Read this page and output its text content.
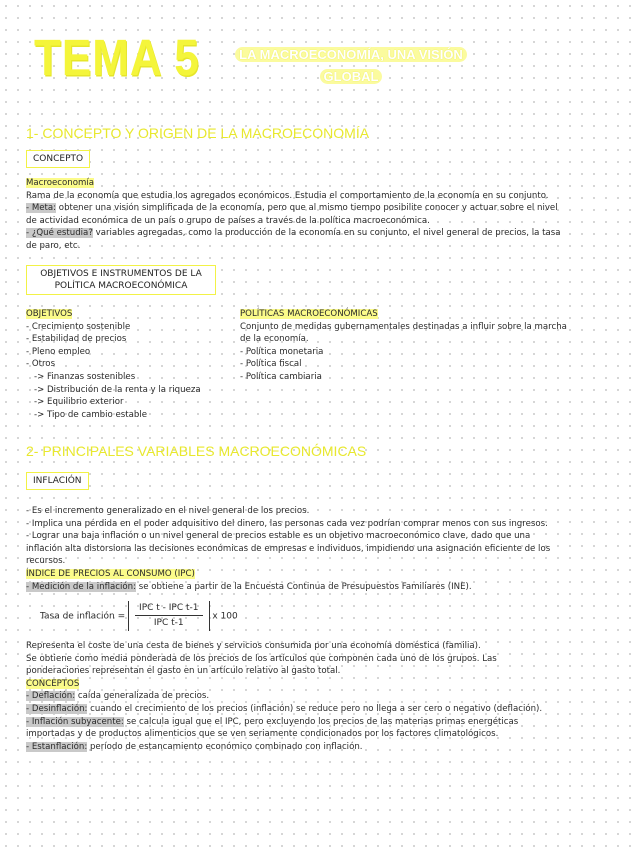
TEMA 5	LA MACROECONOMÍA, UNA VISIÓN
GLOBAL
1- CONCEPTO Y ORIGEN DE LA MACROECONOMÍA
CONCEPTO
Macroeconomía
Rama de la economía que estudia los agregados económicos. Estudia el comportamiento de la economía en su conjunto.
- Meta: obtener una visión simplificada de la economía, pero que al mismo tiempo posibilite conocer y actuar sobre el nivel
de actividad económica de un país o grupo de países a través de la política macroeconómica.
- ¿Qué estudia? variables agregadas, como la producción de la economía en su conjunto, el nivel general de precios, la tasa
de paro, etc.
OBJETIVOS E INSTRUMENTOS DE LA
POLÍTICA MACROECONÓMICA
OBJETIVOS
- Crecimiento sostenible
- Estabilidad de precios
- Pleno empleo
- Otros
-> Finanzas sostenibles
-> Distribución de la renta y la riqueza
-> Equilibrio exterior
-> Tipo de cambio estable
POLÍTICAS MACROECONÓMICAS
Conjunto de medidas gubernamentales destinadas a influir sobre la marcha
de la economía.
- Política monetaria
- Política fiscal
- Política cambiaria
2- PRINCIPALES VARIABLES MACROECONÓMICAS
INFLACIÓN
- Es el incremento generalizado en el nivel general de los precios.
- Implica una pérdida en el poder adquisitivo del dinero, las personas cada vez podrían comprar menos con sus ingresos.
- Lograr una baja inflación o un nivel general de precios estable es un objetivo macroeconómico clave, dado que una
inflación alta distorsiona las decisiones económicas de empresas e individuos, impidiendo una asignación eficiente de los
recursos.
ÍNDICE DE PRECIOS AL CONSUMO (IPC)
- Medición de la inflación: se obtiene a partir de la Encuesta Continua de Presupuestos Familiares (INE).
Tasa de inflación = $\frac{\text{IPC t - IPC t-1}}{\text{IPC t-1}}$ x 100
Representa el coste de una cesta de bienes y servicios consumida por una economía doméstica (familia).
Se obtiene como media ponderada de los precios de los artículos que componen cada uno de los grupos. Las
ponderaciones representan el gasto en un artículo relativo al gasto total.
CONCEPTOS
- Deflación: caída generalizada de precios.
- Desinflación: cuando el crecimiento de los precios (inflación) se reduce pero no llega a ser cero o negativo (deflación).
- Inflación subyacente: se calcula igual que el IPC, pero excluyendo los precios de las materias primas energéticas
importadas y de productos alimenticios que se ven seriamente condicionados por los factores climatológicos.
- Estanflación: período de estancamiento económico combinado con inflación.
